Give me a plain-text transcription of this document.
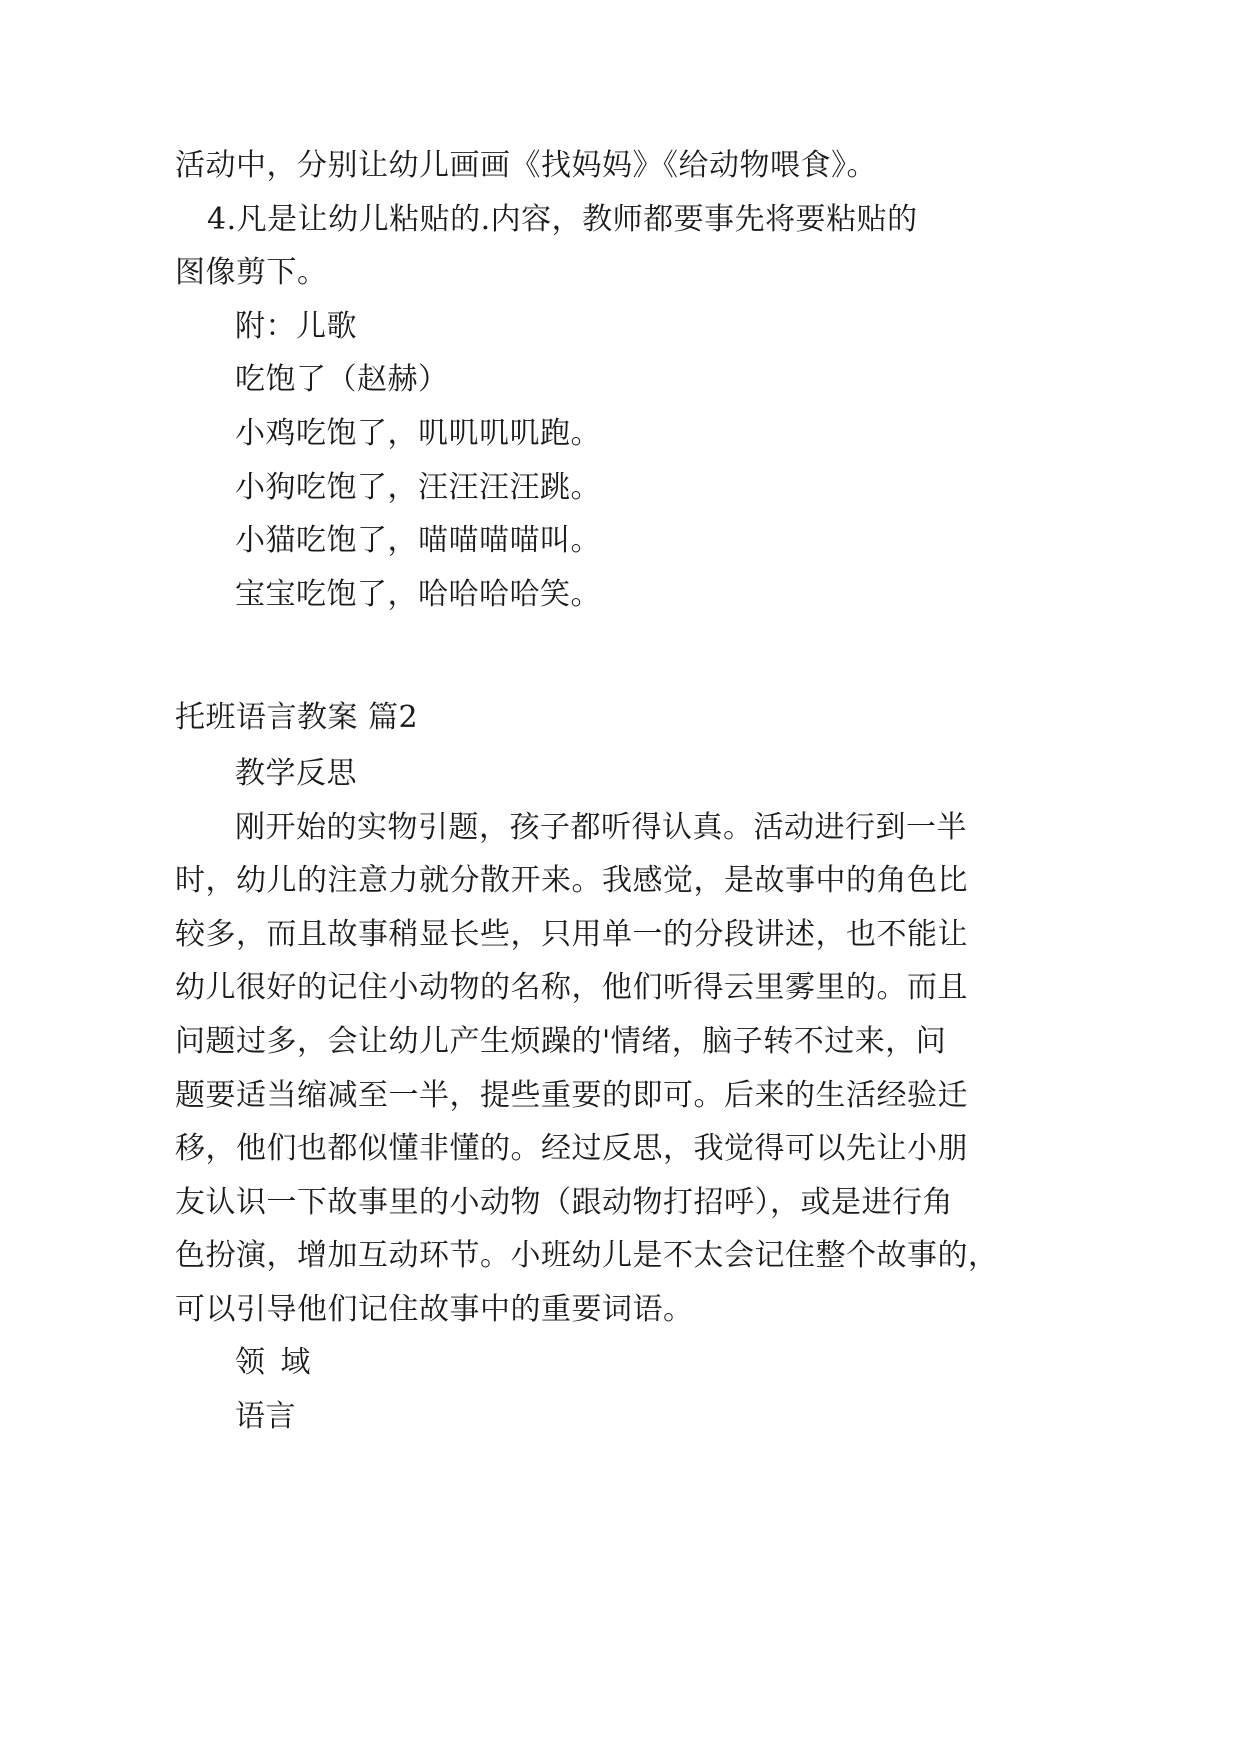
活动中，分别让幼儿画画《找妈妈》《给动物喂食》。

4.凡是让幼儿粘贴的.内容，教师都要事先将要粘贴的

图像剪下。

附：儿歌

吃饱了（赵赫）

小鸡吃饱了，叽叽叽叽跑。

小狗吃饱了，汪汪汪汪跳。

小猫吃饱了，喵喵喵喵叫。

宝宝吃饱了，哈哈哈哈笑。

托班语言教案 篇2

教学反思

刚开始的实物引题，孩子都听得认真。活动进行到一半

时，幼儿的注意力就分散开来。我感觉，是故事中的角色比

较多，而且故事稍显长些，只用单一的分段讲述，也不能让

幼儿很好的记住小动物的名称，他们听得云里雾里的。而且

问题过多，会让幼儿产生烦躁的'情绪，脑子转不过来，问

题要适当缩减至一半，提些重要的即可。后来的生活经验迁

移，他们也都似懂非懂的。经过反思，我觉得可以先让小朋

友认识一下故事里的小动物（跟动物打招呼），或是进行角

色扮演，增加互动环节。小班幼儿是不太会记住整个故事的，

可以引导他们记住故事中的重要词语。

领 域

语言
